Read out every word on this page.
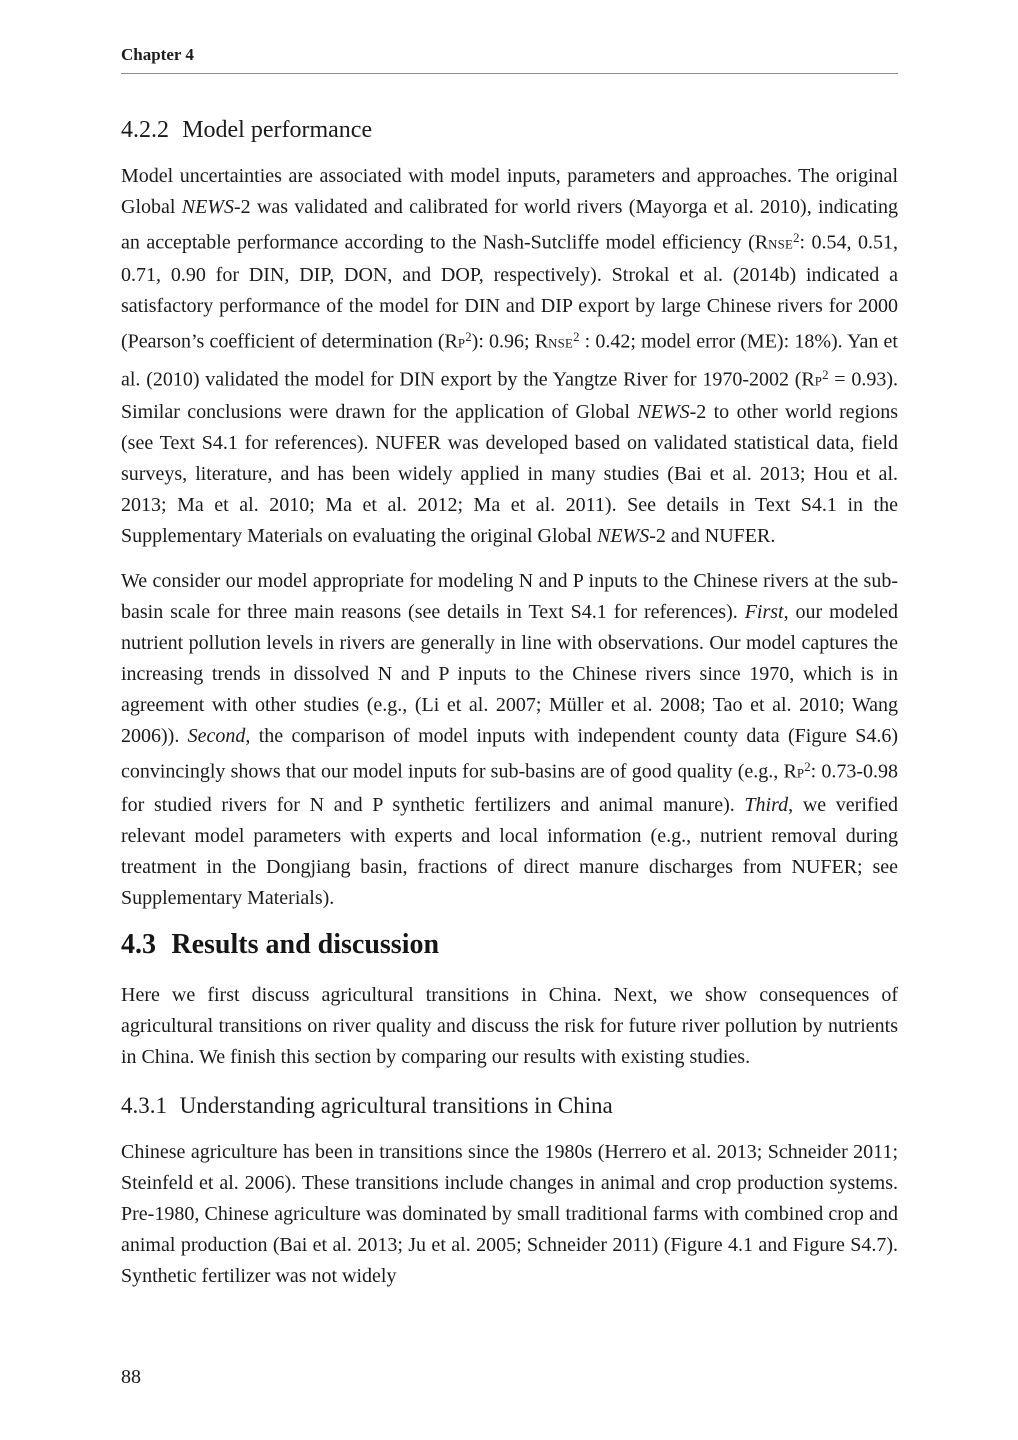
Chapter 4
4.2.2 Model performance

Model uncertainties are associated with model inputs, parameters and approaches. The original Global NEWS-2 was validated and calibrated for world rivers (Mayorga et al. 2010), indicating an acceptable performance according to the Nash-Sutcliffe model efficiency (RNSE$^2$: 0.54, 0.51, 0.71, 0.90 for DIN, DIP, DON, and DOP, respectively). Strokal et al. (2014b) indicated a satisfactory performance of the model for DIN and DIP export by large Chinese rivers for 2000 (Pearson’s coefficient of determination $(RP^2)$: 0.96; RNSE$^2$ : 0.42; model error (ME): 18%). Yan et al. (2010) validated the model for DIN export by the Yangtze River for 1970-2002 $(RP^2 = 0.93)$. Similar conclusions were drawn for the application of Global NEWS-2 to other world regions (see Text S4.1 for references). NUFER was developed based on validated statistical data, field surveys, literature, and has been widely applied in many studies (Bai et al. 2013; Hou et al. 2013; Ma et al. 2010; Ma et al. 2012; Ma et al. 2011). See details in Text S4.1 in the Supplementary Materials on evaluating the original Global NEWS-2 and NUFER.

We consider our model appropriate for modeling N and P inputs to the Chinese rivers at the sub-basin scale for three main reasons (see details in Text S4.1 for references). First, our modeled nutrient pollution levels in rivers are generally in line with observations. Our model captures the increasing trends in dissolved N and P inputs to the Chinese rivers since 1970, which is in agreement with other studies (e.g., (Li et al. 2007; Müller et al. 2008; Tao et al. 2010; Wang 2006)). Second, the comparison of model inputs with independent county data (Figure S4.6) convincingly shows that our model inputs for sub-basins are of good quality (e.g., $RP^2$: 0.73-0.98 for studied rivers for N and P synthetic fertilizers and animal manure). Third, we verified relevant model parameters with experts and local information (e.g., nutrient removal during treatment in the Dongjiang basin, fractions of direct manure discharges from NUFER; see Supplementary Materials).

4.3 Results and discussion

Here we first discuss agricultural transitions in China. Next, we show consequences of agricultural transitions on river quality and discuss the risk for future river pollution by nutrients in China. We finish this section by comparing our results with existing studies.

4.3.1 Understanding agricultural transitions in China

Chinese agriculture has been in transitions since the 1980s (Herrero et al. 2013; Schneider 2011; Steinfeld et al. 2006). These transitions include changes in animal and crop production systems. Pre-1980, Chinese agriculture was dominated by small traditional farms with combined crop and animal production (Bai et al. 2013; Ju et al. 2005; Schneider 2011) (Figure 4.1 and Figure S4.7). Synthetic fertilizer was not widely

88
